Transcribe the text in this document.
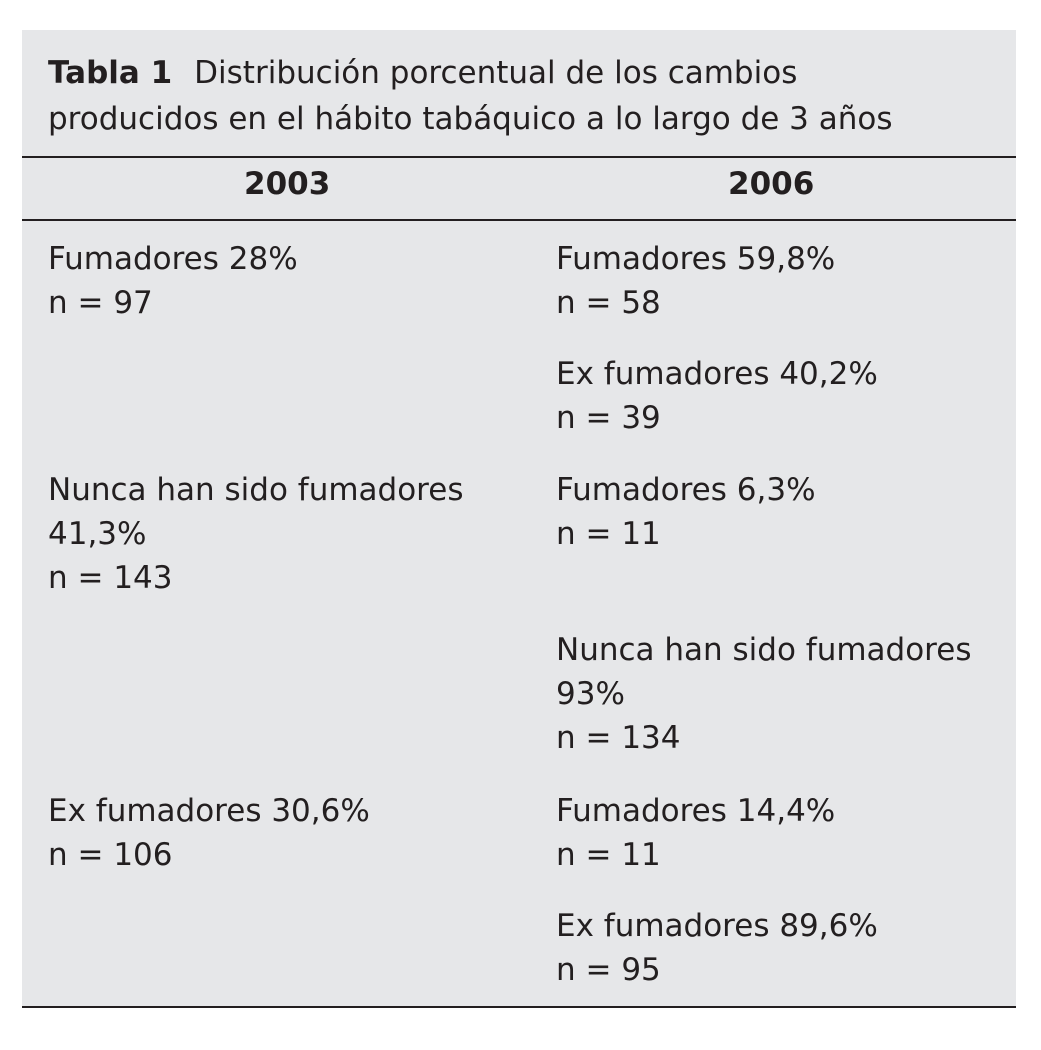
Tabla 1 Distribución porcentual de los cambios
producidos en el hábito tabáquico a lo largo de 3 años
2003	2006
Fumadores 28%
n = 97
Fumadores 59,8%
n = 58
Ex fumadores 40,2%
n = 39
Nunca han sido fumadores
41,3%
n = 143
Fumadores 6,3%
n = 11
Nunca han sido fumadores
93%
n = 134
Ex fumadores 30,6%
n = 106
Fumadores 14,4%
n = 11
Ex fumadores 89,6%
n = 95
